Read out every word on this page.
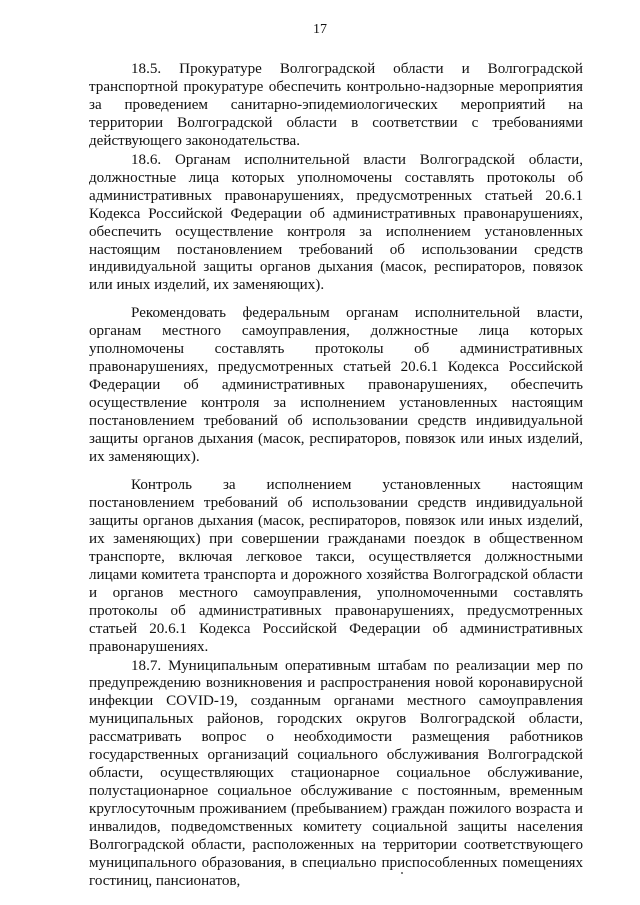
17

18.5. Прокуратуре Волгоградской области и Волгоградской транспортной прокуратуре обеспечить контрольно-надзорные мероприятия за проведением санитарно-эпидемиологических мероприятий на территории Волгоградской области в соответствии с требованиями действующего законодательства.

18.6. Органам исполнительной власти Волгоградской области, должностные лица которых уполномочены составлять протоколы об административных правонарушениях, предусмотренных статьей 20.6.1 Кодекса Российской Федерации об административных правонарушениях, обеспечить осуществление контроля за исполнением установленных настоящим постановлением требований об использовании средств индивидуальной защиты органов дыхания (масок, респираторов, повязок или иных изделий, их заменяющих).

Рекомендовать федеральным органам исполнительной власти, органам местного самоуправления, должностные лица которых уполномочены составлять протоколы об административных правонарушениях, предусмотренных статьей 20.6.1 Кодекса Российской Федерации об административных правонарушениях, обеспечить осуществление контроля за исполнением установленных настоящим постановлением требований об использовании средств индивидуальной защиты органов дыхания (масок, респираторов, повязок или иных изделий, их заменяющих).

Контроль за исполнением установленных настоящим постановлением требований об использовании средств индивидуальной защиты органов дыхания (масок, респираторов, повязок или иных изделий, их заменяющих) при совершении гражданами поездок в общественном транспорте, включая легковое такси, осуществляется должностными лицами комитета транспорта и дорожного хозяйства Волгоградской области и органов местного самоуправления, уполномоченными составлять протоколы об административных правонарушениях, предусмотренных статьей 20.6.1 Кодекса Российской Федерации об административных правонарушениях.

18.7. Муниципальным оперативным штабам по реализации мер по предупреждению возникновения и распространения новой коронавирусной инфекции COVID-19, созданным органами местного самоуправления муниципальных районов, городских округов Волгоградской области, рассматривать вопрос о необходимости размещения работников государственных организаций социального обслуживания Волгоградской области, осуществляющих стационарное социальное обслуживание, полустационарное социальное обслуживание с постоянным, временным круглосуточным проживанием (пребыванием) граждан пожилого возраста и инвалидов, подведомственных комитету социальной защиты населения Волгоградской области, расположенных на территории соответствующего муниципального образования, в специально приспособленных помещениях гостиниц, пансионатов,
